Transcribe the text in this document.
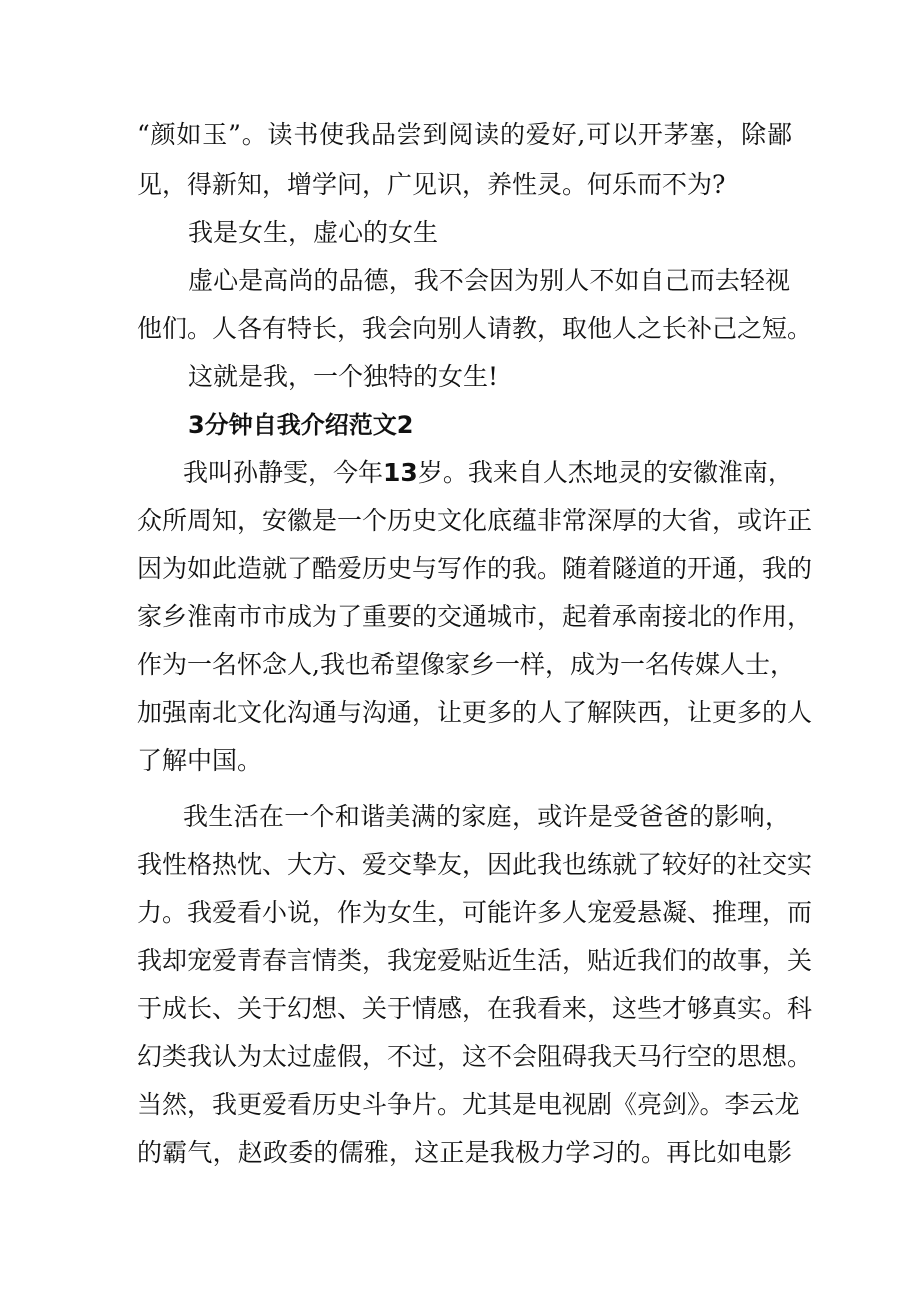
“颜如玉”。读书使我品尝到阅读的爱好,可以开茅塞，除鄙
见，得新知，增学问，广见识，养性灵。何乐而不为?
我是女生，虚心的女生
虚心是高尚的品德，我不会因为别人不如自己而去轻视
他们。人各有特长，我会向别人请教，取他人之长补己之短。
这就是我，一个独特的女生!
3分钟自我介绍范文2
我叫孙静雯，今年13岁。我来自人杰地灵的安徽淮南，
众所周知，安徽是一个历史文化底蕴非常深厚的大省，或许正
因为如此造就了酷爱历史与写作的我。随着隧道的开通，我的
家乡淮南市市成为了重要的交通城市，起着承南接北的作用，
作为一名怀念人,我也希望像家乡一样，成为一名传媒人士，
加强南北文化沟通与沟通，让更多的人了解陕西，让更多的人
了解中国。
我生活在一个和谐美满的家庭，或许是受爸爸的影响，
我性格热忱、大方、爱交挚友，因此我也练就了较好的社交实
力。我爱看小说，作为女生，可能许多人宠爱悬凝、推理，而
我却宠爱青春言情类，我宠爱贴近生活，贴近我们的故事，关
于成长、关于幻想、关于情感，在我看来，这些才够真实。科
幻类我认为太过虚假，不过，这不会阻碍我天马行空的思想。
当然，我更爱看历史斗争片。尤其是电视剧《亮剑》。李云龙
的霸气，赵政委的儒雅，这正是我极力学习的。再比如电影
